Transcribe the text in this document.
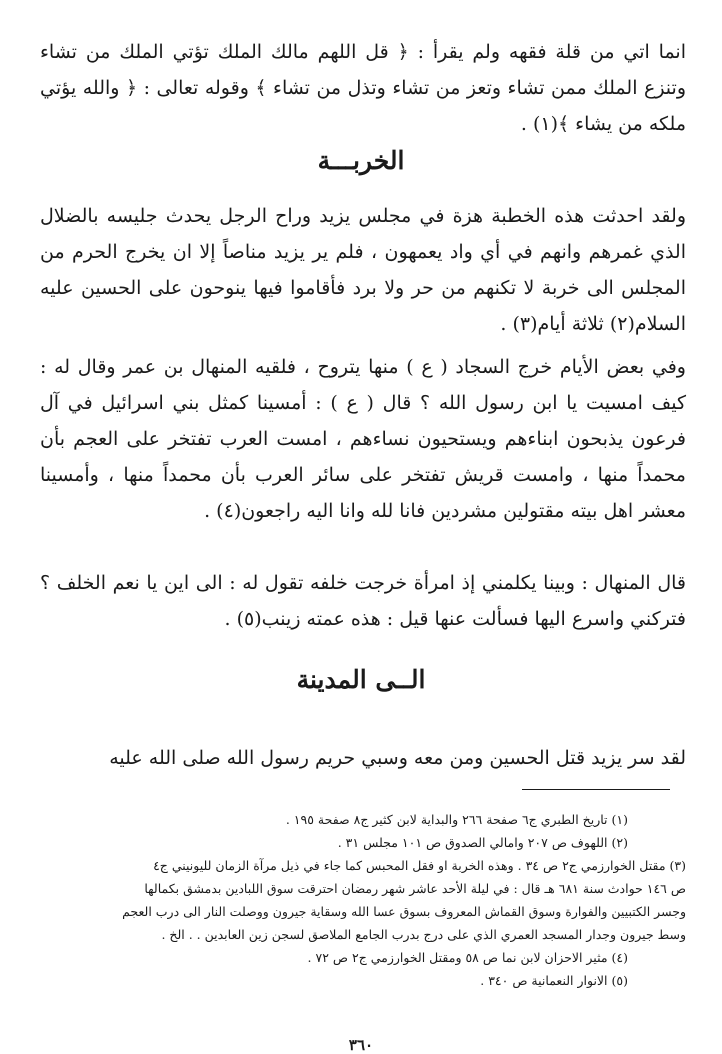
انما اتي من قلة فقهه ولم يقرأ : ﴿ قل اللهم مالك الملك تؤتي الملك من تشاء وتنزع الملك ممن تشاء وتعز من تشاء وتذل من تشاء ﴾ وقوله تعالى : ﴿ والله يؤتي ملكه من يشاء ﴾(١) .

الخربـــة

ولقد احدثت هذه الخطبة هزة في مجلس يزيد وراح الرجل يحدث جليسه بالضلال الذي غمرهم وانهم في أي واد يعمهون ، فلم ير يزيد مناصاً إلا ان يخرج الحرم من المجلس الى خربة لا تكنهم من حر ولا برد فأقاموا فيها ينوحون على الحسين عليه السلام(٢) ثلاثة أيام(٣) .

وفي بعض الأيام خرج السجاد ( ع ) منها يتروح ، فلقيه المنهال بن عمر وقال له : كيف امسيت يا ابن رسول الله ؟ قال ( ع ) : أمسينا كمثل بني اسرائيل في آل فرعون يذبحون ابناءهم ويستحيون نساءهم ، امست العرب تفتخر على العجم بأن محمداً منها ، وامست قريش تفتخر على سائر العرب بأن محمداً منها ، وأمسينا معشر اهل بيته مقتولين مشردين فانا لله وانا اليه راجعون(٤) .

قال المنهال : وبينا يكلمني إذ امرأة خرجت خلفه تقول له : الى اين يا نعم الخلف ؟ فتركني واسرع اليها فسألت عنها قيل : هذه عمته زينب(٥) .

الــى المدينة

لقد سر يزيد قتل الحسين ومن معه وسبي حريم رسول الله صلى الله عليه

(١) تاريخ الطبري ج٦ صفحة ٢٦٦ والبداية لابن كثير ج٨ صفحة ١٩٥ .
(٢) اللهوف ص ٢٠٧ وامالي الصدوق ص ١٠١ مجلس ٣١ .
(٣) مقتل الخوارزمي ج٢ ص ٣٤ . وهذه الخربة او فقل المحبس كما جاء في ذيل مرآة الزمان لليونيني ج٤
ص ١٤٦ حوادث سنة ٦٨١ هـ قال : في ليلة الأحد عاشر شهر رمضان احترقت سوق اللبادين بدمشق بكمالها
وجسر الكتبيين والفوارة وسوق القماش المعروف بسوق عسا الله وسقاية جيرون ووصلت النار الى درب العجم
وسط جيرون وجدار المسجد العمري الذي على درج بدرب الجامع الملاصق لسجن زين العابدين . . الخ .
(٤) مثير الاحزان لابن نما ص ٥٨ ومقتل الخوارزمي ج٢ ص ٧٢ .
(٥) الانوار النعمانية ص ٣٤٠ .
٣٦٠
